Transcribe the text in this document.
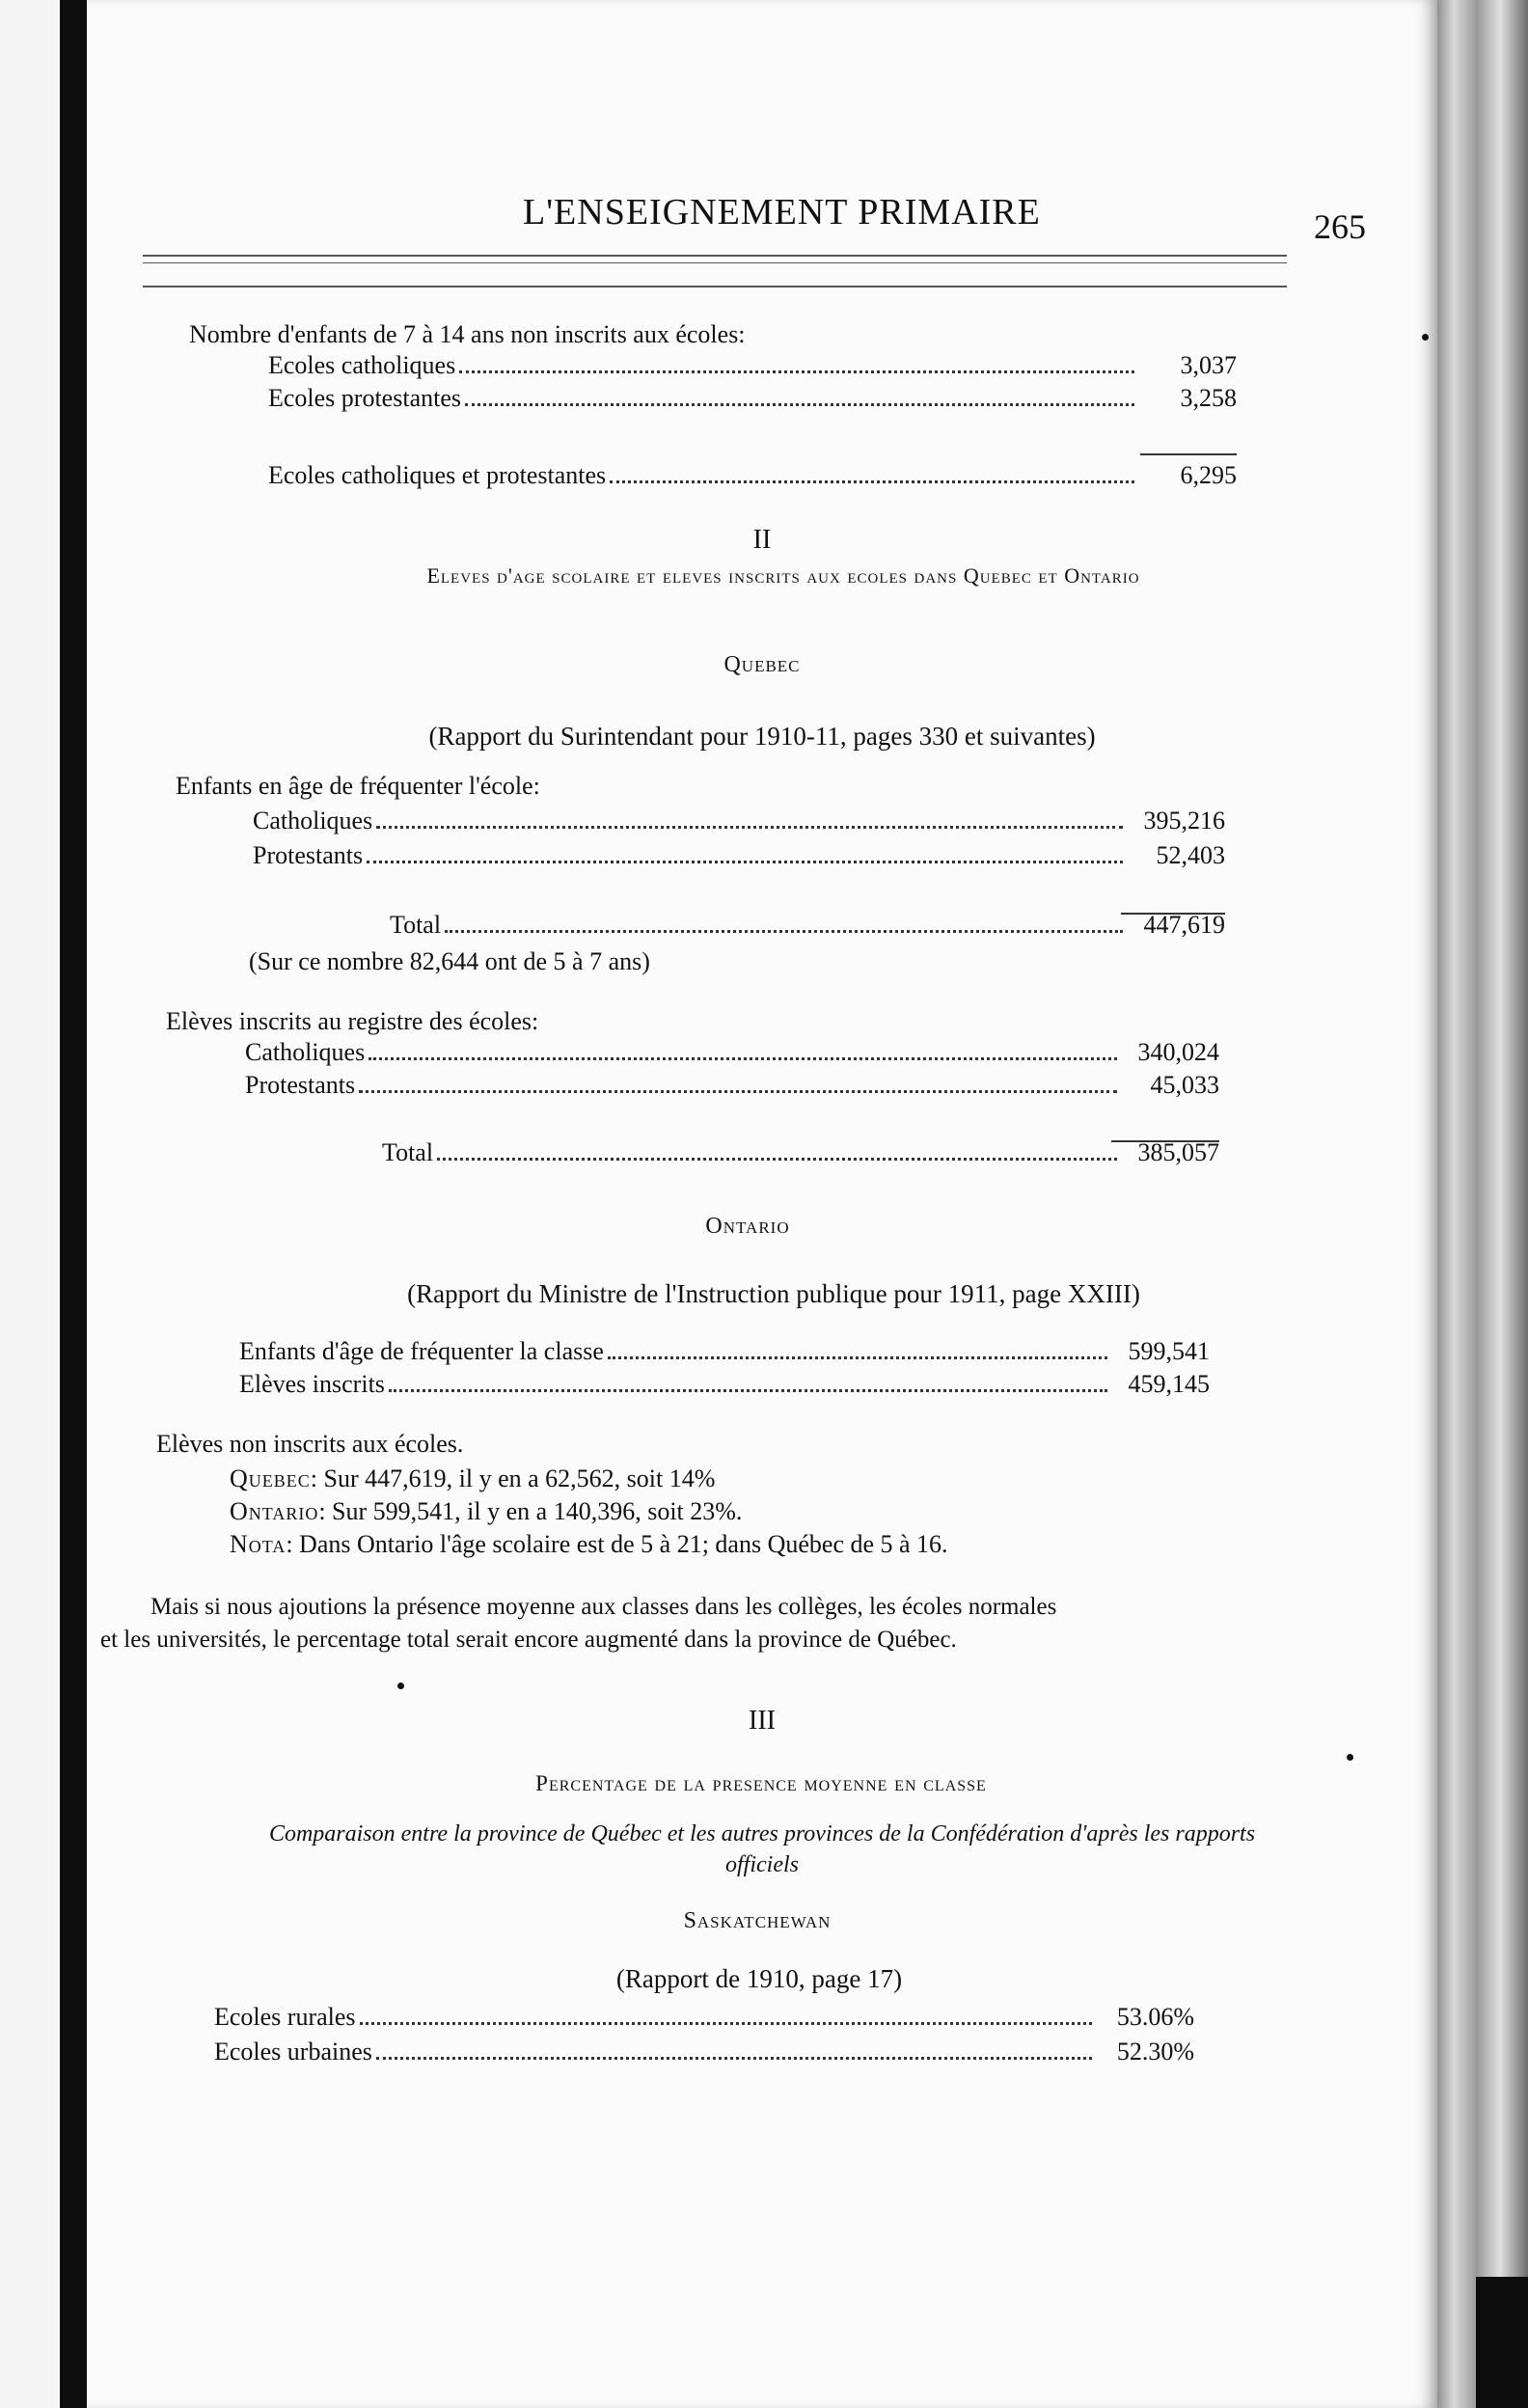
L'ENSEIGNEMENT PRIMAIRE	265
Nombre d'enfants de 7 à 14 ans non inscrits aux écoles:
Ecoles catholiques	3,037
Ecoles protestantes	3,258
Ecoles catholiques et protestantes	6,295
II
Eleves d'age scolaire et eleves inscrits aux ecoles dans Quebec et Ontario
Quebec
(Rapport du Surintendant pour 1910-11, pages 330 et suivantes)
Enfants en âge de fréquenter l'école:
Catholiques	395,216
Protestants	52,403
Total	447,619
(Sur ce nombre 82,644 ont de 5 à 7 ans)
Elèves inscrits au registre des écoles:
Catholiques	340,024
Protestants	45,033
Total	385,057
Ontario
(Rapport du Ministre de l'Instruction publique pour 1911, page XXIII)
Enfants d'âge de fréquenter la classe	599,541
Elèves inscrits	459,145
Elèves non inscrits aux écoles.
Quebec: Sur 447,619, il y en a 62,562, soit 14%
Ontario: Sur 599,541, il y en a 140,396, soit 23%.
Nota: Dans Ontario l'âge scolaire est de 5 à 21; dans Québec de 5 à 16.
Mais si nous ajoutions la présence moyenne aux classes dans les collèges, les écoles normales
et les universités, le percentage total serait encore augmenté dans la province de Québec.
III
Percentage de la presence moyenne en classe
Comparaison entre la province de Québec et les autres provinces de la Confédération d'après les rapports
officiels
Saskatchewan
(Rapport de 1910, page 17)
Ecoles rurales	53.06%
Ecoles urbaines	52.30%
